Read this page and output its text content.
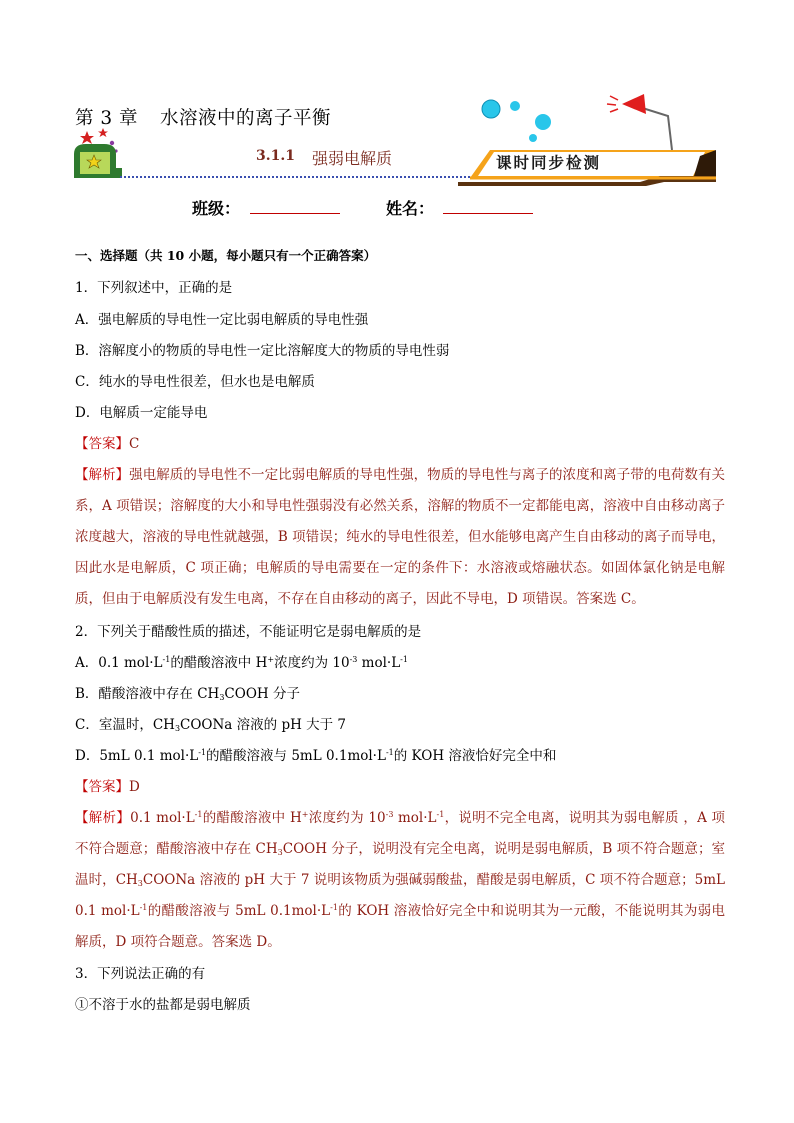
第 3 章 水溶液中的离子平衡
3.1.1 强弱电解质	课时同步检测
班级：	姓名：
一、选择题（共 10 小题，每小题只有一个正确答案）
1．下列叙述中，正确的是
A．强电解质的导电性一定比弱电解质的导电性强
B．溶解度小的物质的导电性一定比溶解度大的物质的导电性弱
C．纯水的导电性很差，但水也是电解质
D．电解质一定能导电
【答案】C
【解析】强电解质的导电性不一定比弱电解质的导电性强，物质的导电性与离子的浓度和离子带的电荷数有关系，A 项错误；溶解度的大小和导电性强弱没有必然关系，溶解的物质不一定都能电离，溶液中自由移动离子浓度越大，溶液的导电性就越强，B 项错误；纯水的导电性很差，但水能够电离产生自由移动的离子而导电，因此水是电解质，C 项正确；电解质的导电需要在一定的条件下：水溶液或熔融状态。如固体氯化钠是电解质，但由于电解质没有发生电离，不存在自由移动的离子，因此不导电，D 项错误。答案选 C。
2．下列关于醋酸性质的描述，不能证明它是弱电解质的是
A．0.1 $mol\cdot L^{-1}$的醋酸溶液中 H+浓度约为 $10^{-3}$ $mol\cdot L^{-1}$
B．醋酸溶液中存在 $CH_3COOH$ 分子
C．室温时，$CH_3COONa$ 溶液的 pH 大于 7
D．5mL 0.1 $mol\cdot L^{-1}$的醋酸溶液与 5mL $0.1mol\cdot L^{-1}$的 KOH 溶液恰好完全中和
【答案】D
【解析】0.1 $mol\cdot L^{-1}$的醋酸溶液中 H+浓度约为 $10^{-3}$ $mol\cdot L^{-1}$，说明不完全电离，说明其为弱电解质 ，A 项不符合题意；醋酸溶液中存在 $CH_3COOH$ 分子，说明没有完全电离，说明是弱电解质，B 项不符合题意；室温时，$CH_3COONa$ 溶液的 pH 大于 7 说明该物质为强碱弱酸盐，醋酸是弱电解质，C 项不符合题意；5mL 0.1 $mol\cdot L^{-1}$的醋酸溶液与 5mL $0.1mol\cdot L^{-1}$的 KOH 溶液恰好完全中和说明其为一元酸，不能说明其为弱电解质，D 项符合题意。答案选 D。
3．下列说法正确的有
①不溶于水的盐都是弱电解质
